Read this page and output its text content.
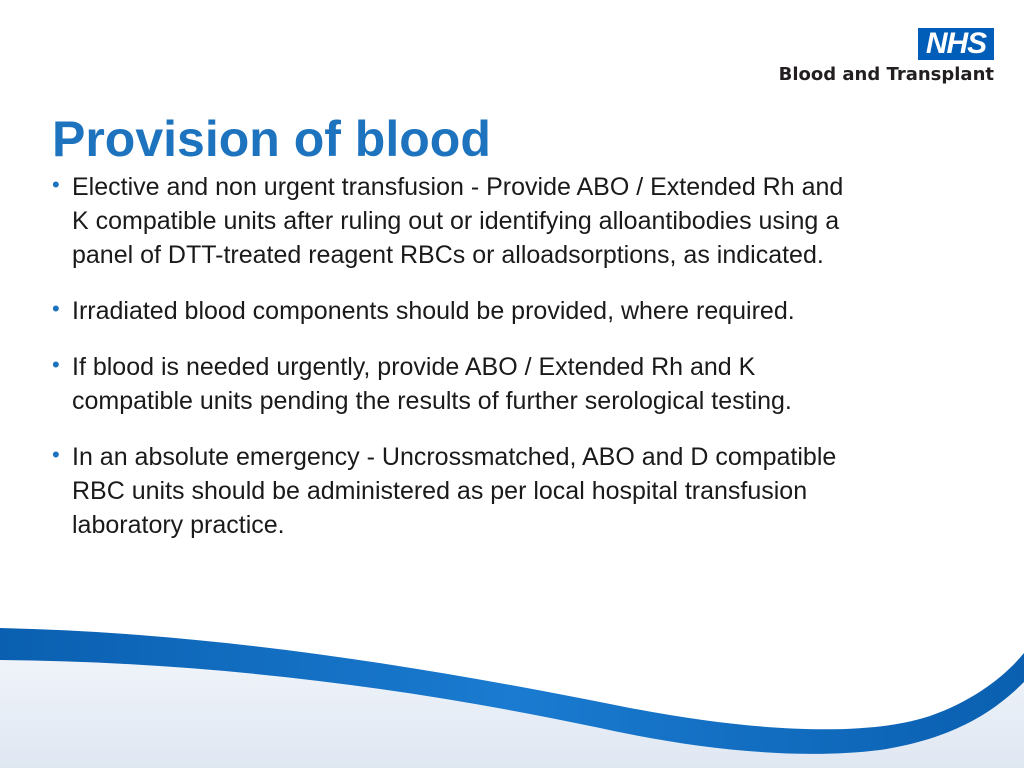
NHS
Blood and Transplant
Provision of blood
• Elective and non urgent transfusion - Provide ABO / Extended Rh and K compatible units after ruling out or identifying alloantibodies using a panel of DTT-treated reagent RBCs or alloadsorptions, as indicated.
• Irradiated blood components should be provided, where required.
• If blood is needed urgently, provide ABO / Extended Rh and K compatible units pending the results of further serological testing.
• In an absolute emergency - Uncrossmatched, ABO and D compatible RBC units should be administered as per local hospital transfusion laboratory practice.
